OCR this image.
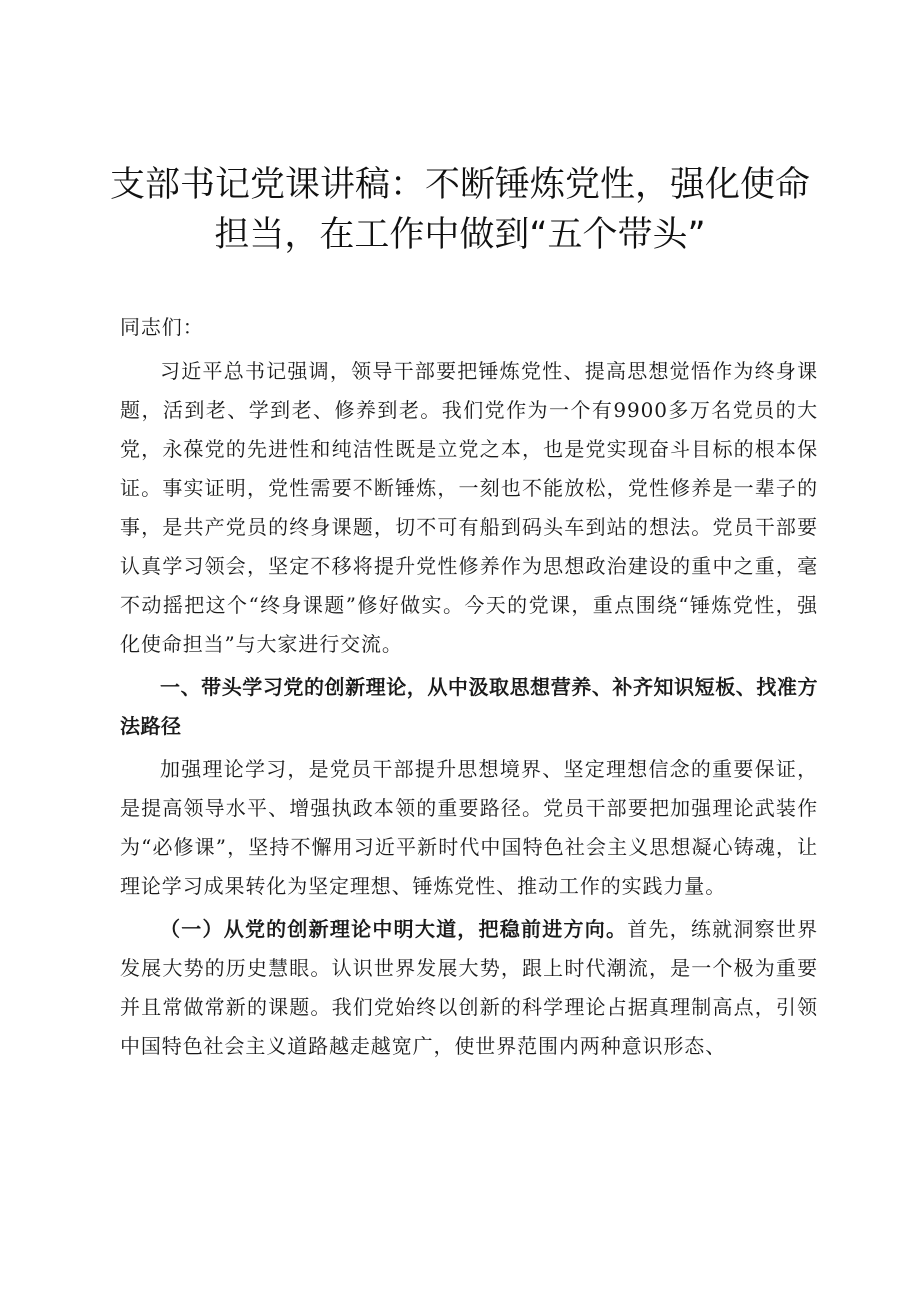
支部书记党课讲稿：不断锤炼党性，强化使命
担当，在工作中做到“五个带头”

同志们：

习近平总书记强调，领导干部要把锤炼党性、提高思想觉悟作为终身课题，活到老、学到老、修养到老。我们党作为一个有9900多万名党员的大党，永葆党的先进性和纯洁性既是立党之本，也是党实现奋斗目标的根本保证。事实证明，党性需要不断锤炼，一刻也不能放松，党性修养是一辈子的事，是共产党员的终身课题，切不可有船到码头车到站的想法。党员干部要认真学习领会，坚定不移将提升党性修养作为思想政治建设的重中之重，毫不动摇把这个“终身课题”修好做实。今天的党课，重点围绕“锤炼党性，强化使命担当”与大家进行交流。

一、带头学习党的创新理论，从中汲取思想营养、补齐知识短板、找准方法路径

加强理论学习，是党员干部提升思想境界、坚定理想信念的重要保证，是提高领导水平、增强执政本领的重要路径。党员干部要把加强理论武装作为“必修课”，坚持不懈用习近平新时代中国特色社会主义思想凝心铸魂，让理论学习成果转化为坚定理想、锤炼党性、推动工作的实践力量。

（一）从党的创新理论中明大道，把稳前进方向。首先，练就洞察世界发展大势的历史慧眼。认识世界发展大势，跟上时代潮流，是一个极为重要并且常做常新的课题。我们党始终以创新的科学理论占据真理制高点，引领中国特色社会主义道路越走越宽广，使世界范围内两种意识形态、
